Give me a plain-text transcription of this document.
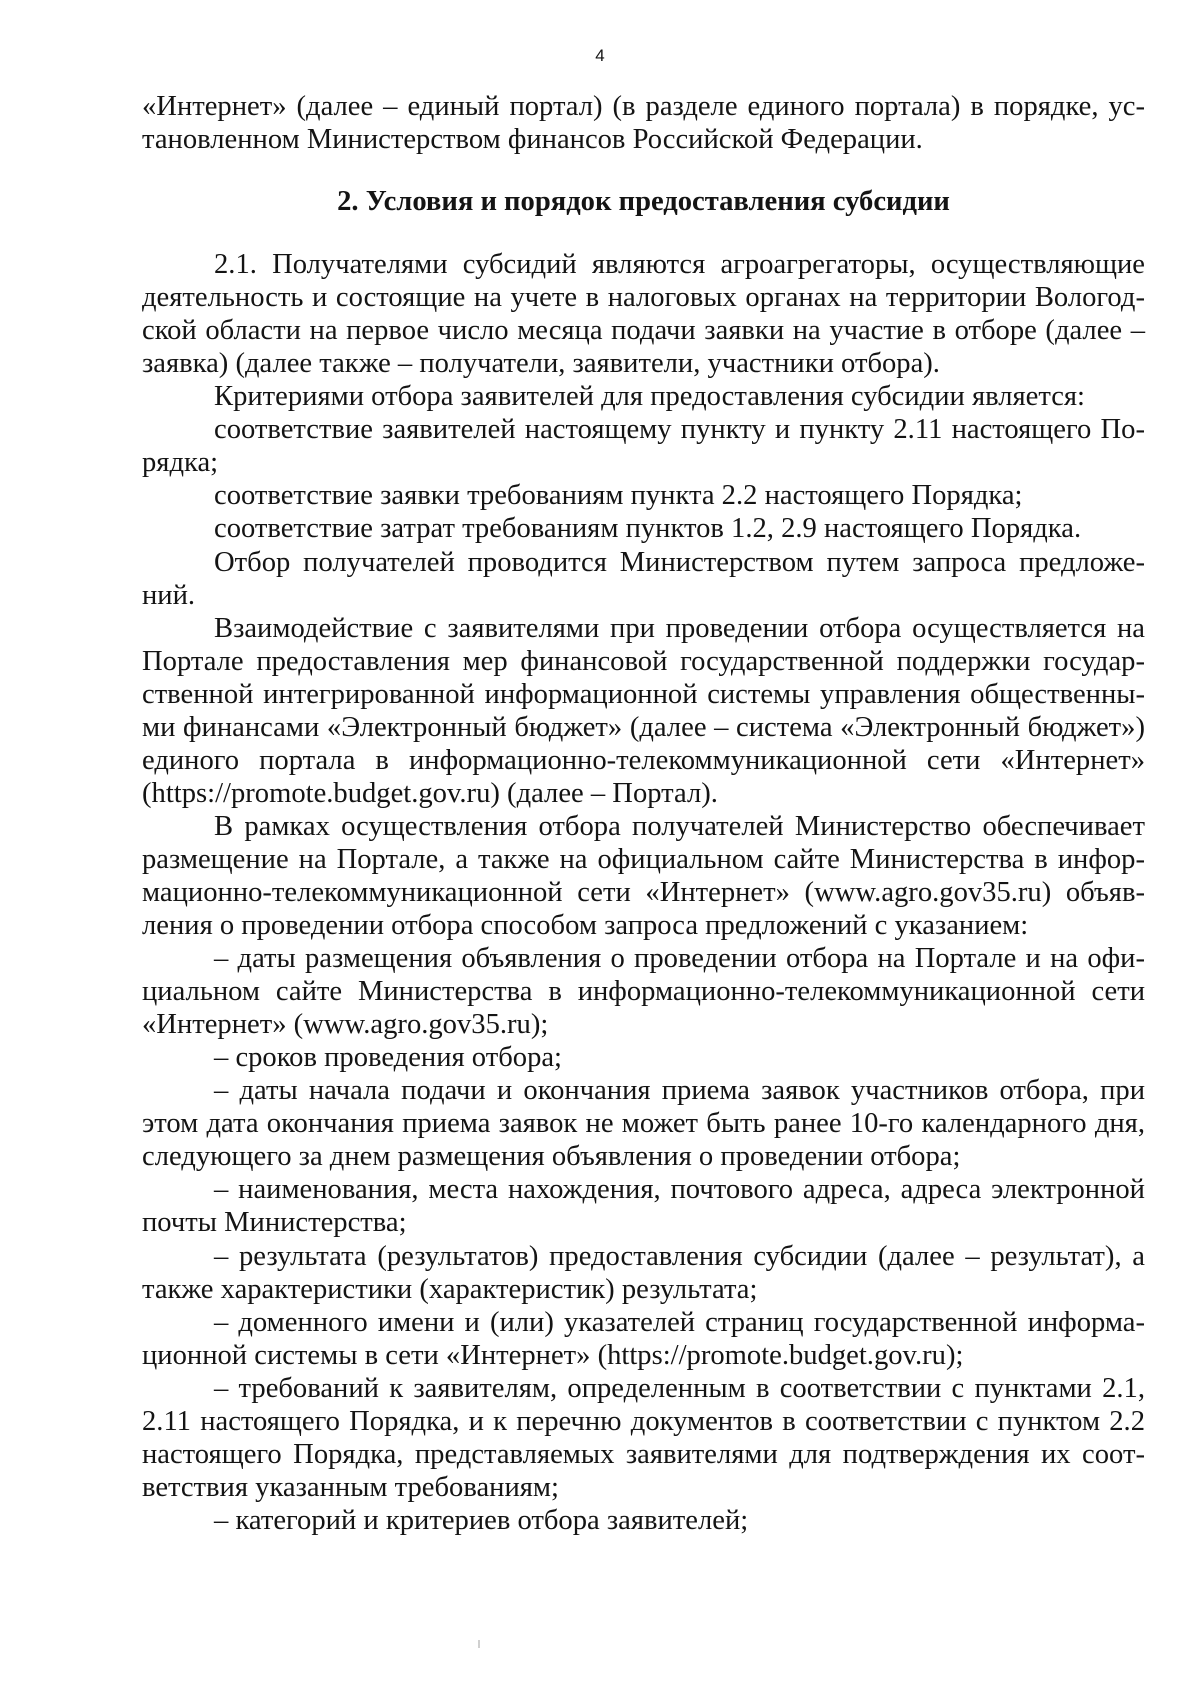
4

«Интернет» (далее – единый портал) (в разделе единого портала) в порядке, установленном Министерством финансов Российской Федерации.

2. Условия и порядок предоставления субсидии

2.1. Получателями субсидий являются агроагрегаторы, осуществляющие деятельность и состоящие на учете в налоговых органах на территории Вологодской области на первое число месяца подачи заявки на участие в отборе (далее – заявка) (далее также – получатели, заявители, участники отбора).

Критериями отбора заявителей для предоставления субсидии является:

соответствие заявителей настоящему пункту и пункту 2.11 настоящего Порядка;

соответствие заявки требованиям пункта 2.2 настоящего Порядка;

соответствие затрат требованиям пунктов 1.2, 2.9 настоящего Порядка.

Отбор получателей проводится Министерством путем запроса предложений.

Взаимодействие с заявителями при проведении отбора осуществляется на Портале предоставления мер финансовой государственной поддержки государственной интегрированной информационной системы управления общественными финансами «Электронный бюджет» (далее – система «Электронный бюджет») единого портала в информационно-телекоммуникационной сети «Интернет» (https://promote.budget.gov.ru) (далее – Портал).

В рамках осуществления отбора получателей Министерство обеспечивает размещение на Портале, а также на официальном сайте Министерства в информационно-телекоммуникационной сети «Интернет» (www.agro.gov35.ru) объявления о проведении отбора способом запроса предложений с указанием:

– даты размещения объявления о проведении отбора на Портале и на официальном сайте Министерства в информационно-телекоммуникационной сети «Интернет» (www.agro.gov35.ru);

– сроков проведения отбора;

– даты начала подачи и окончания приема заявок участников отбора, при этом дата окончания приема заявок не может быть ранее 10-го календарного дня, следующего за днем размещения объявления о проведении отбора;

– наименования, места нахождения, почтового адреса, адреса электронной почты Министерства;

– результата (результатов) предоставления субсидии (далее – результат), а также характеристики (характеристик) результата;

– доменного имени и (или) указателей страниц государственной информационной системы в сети «Интернет» (https://promote.budget.gov.ru);

– требований к заявителям, определенным в соответствии с пунктами 2.1, 2.11 настоящего Порядка, и к перечню документов в соответствии с пунктом 2.2 настоящего Порядка, представляемых заявителями для подтверждения их соответствия указанным требованиям;

– категорий и критериев отбора заявителей;
